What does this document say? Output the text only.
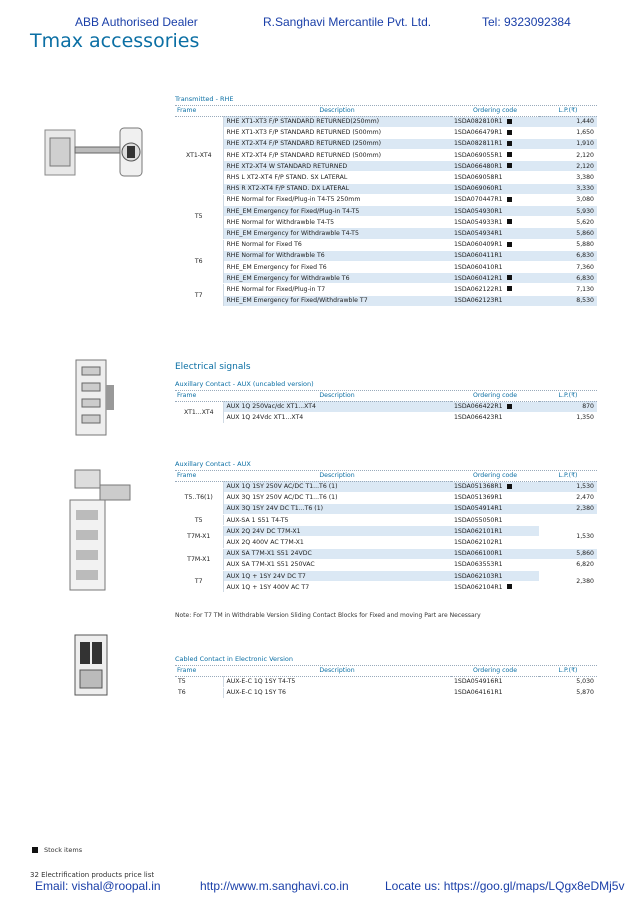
ABB Authorised Dealer	R.Sanghavi Mercantile Pvt. Ltd.	Tel: 9323092384
Tmax accessories
Transmitted - RHE
Frame	Description	Ordering code	L.P.(₹)
XT1-XT4	RHE XT1-XT3 F/P STANDARD RETURNED(250mm)	1SDA082810R1	1,440
	RHE XT1-XT3 F/P STANDARD RETURNED (500mm)	1SDA066479R1	1,650
	RHE XT2-XT4 F/P STANDARD RETURNED (250mm)	1SDA082811R1	1,910
	RHE XT2-XT4 F/P STANDARD RETURNED (500mm)	1SDA069055R1	2,120
	RHE XT2-XT4 W STANDARD RETURNED	1SDA066480R1	2,120
	RHS L XT2-XT4 F/P STAND. SX LATERAL	1SDA069058R1	3,380
	RHS R XT2-XT4 F/P STAND. DX LATERAL	1SDA069060R1	3,330
T5	RHE Normal for Fixed/Plug-in T4-T5 250mm	1SDA070447R1	3,080
	RHE_EM Emergency for Fixed/Plug-in T4-T5	1SDA054930R1	5,930
	RHE Normal for Withdrawble T4-T5	1SDA054933R1	5,620
	RHE_EM Emergency for Withdrawble T4-T5	1SDA054934R1	5,860
T6	RHE Normal for Fixed T6	1SDA060409R1	5,880
	RHE Normal for Withdrawble T6	1SDA060411R1	6,830
	RHE_EM Emergency for Fixed T6	1SDA060410R1	7,360
	RHE_EM Emergency for Withdrawble T6	1SDA060412R1	6,830
T7	RHE Normal for Fixed/Plug-in T7	1SDA062122R1	7,130
	RHE_EM Emergency for Fixed/Withdrawble T7	1SDA062123R1	8,530
Electrical signals
Auxillary Contact - AUX (uncabled version)
Frame	Description	Ordering code	L.P.(₹)
XT1...XT4	AUX 1Q 250Vac/dc XT1...XT4	1SDA066422R1	870
	AUX 1Q 24Vdc XT1...XT4	1SDA066423R1	1,350
Auxillary Contact - AUX
Frame	Description	Ordering code	L.P.(₹)
T5..T6(1)	AUX 1Q 1SY 250V AC/DC T1...T6 (1)	1SDA051368R1	1,530
	AUX 3Q 1SY 250V AC/DC T1...T6 (1)	1SDA051369R1	2,470
	AUX 3Q 1SY 24V DC T1...T6 (1)	1SDA054914R1	2,380
T5	AUX-SA 1 S51 T4-T5	1SDA055050R1	
T7M-X1	AUX 2Q 24V DC T7M-X1	1SDA062101R1	1,530
	AUX 2Q 400V AC T7M-X1	1SDA062102R1	
T7M-X1	AUX SA T7M-X1 S51 24VDC	1SDA066100R1	5,860
	AUX SA T7M-X1 S51 250VAC	1SDA063553R1	6,820
T7	AUX 1Q + 1SY 24V DC T7	1SDA062103R1	2,380
	AUX 1Q + 1SY 400V AC T7	1SDA062104R1	
Note: For T7 TM in Withdrable Version Sliding Contact Blocks for Fixed and moving Part are Necessary
Cabled Contact in Electronic Version
Frame	Description	Ordering code	L.P.(₹)
T5	AUX-E-C 1Q 1SY T4-T5	1SDA054916R1	5,030
T6	AUX-E-C 1Q 1SY T6	1SDA064161R1	5,870
Stock items
32 Electrification products price list
Email: vishal@roopal.in	http://www.m.sanghavi.co.in	Locate us: https://goo.gl/maps/LQgx8eDMj5v
